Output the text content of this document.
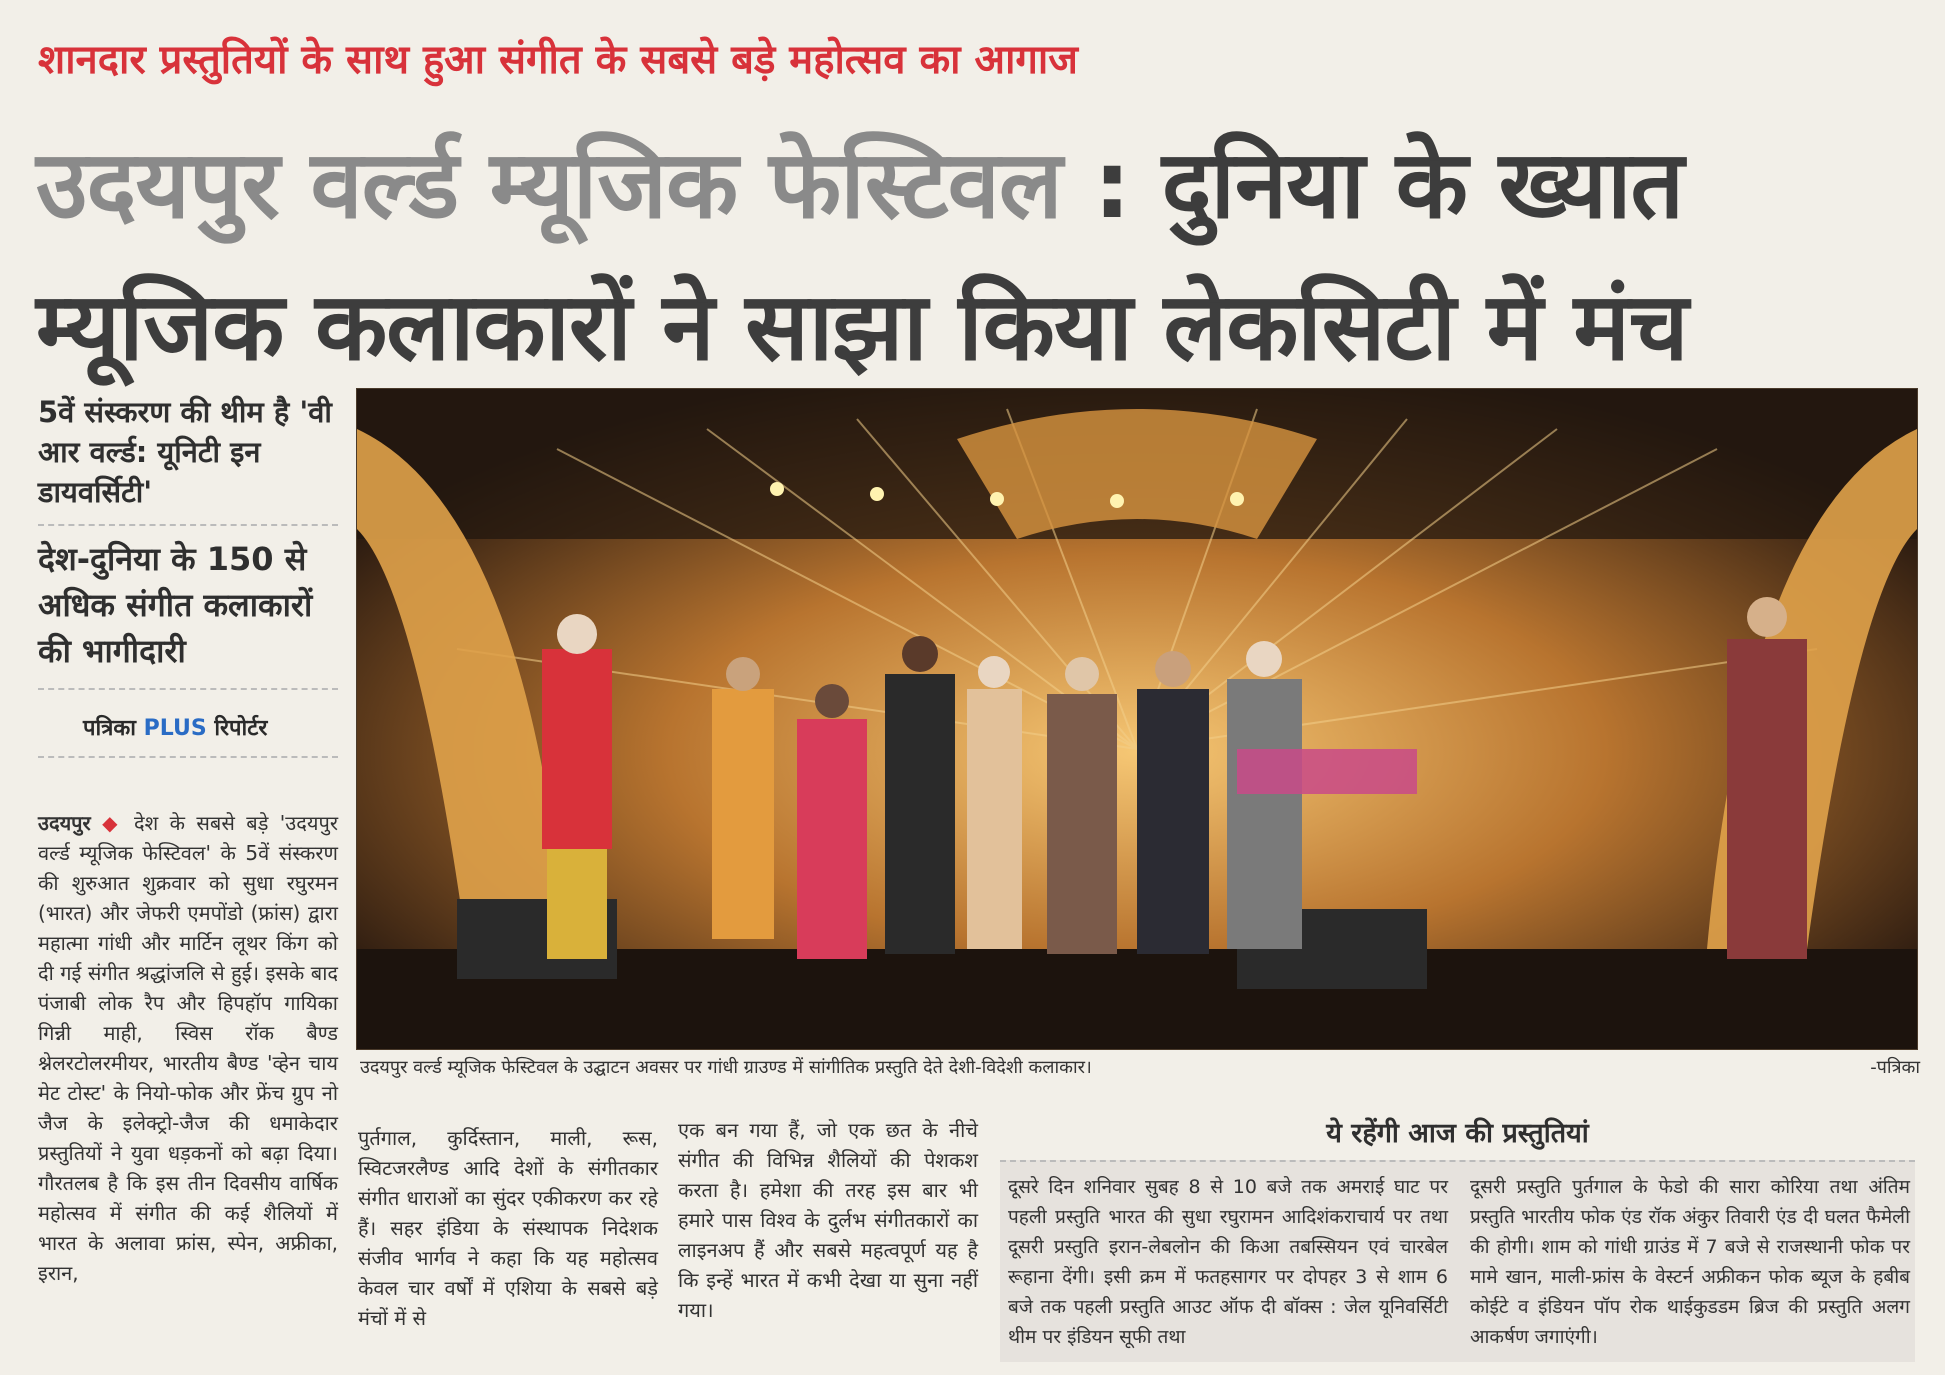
शानदार प्रस्तुतियों के साथ हुआ संगीत के सबसे बड़े महोत्सव का आगाज
उदयपुर वर्ल्ड म्यूजिक फेस्टिवल : दुनिया के ख्यात
म्यूजिक कलाकारों ने साझा किया लेकसिटी में मंच
5वें संस्करण की थीम है 'वी आर वर्ल्ड: यूनिटी इन डायवर्सिटी'
देश-दुनिया के 150 से अधिक संगीत कलाकारों की भागीदारी
पत्रिका PLUS रिपोर्टर
उदयपुर ◆ देश के सबसे बड़े 'उदयपुर वर्ल्ड म्यूजिक फेस्टिवल' के 5वें संस्करण की शुरुआत शुक्रवार को सुधा रघुरमन (भारत) और जेफरी एमपोंडो (फ्रांस) द्वारा महात्मा गांधी और मार्टिन लूथर किंग को दी गई संगीत श्रद्धांजलि से हुई। इसके बाद पंजाबी लोक रैप और हिपहॉप गायिका गिन्नी माही, स्विस रॉक बैण्ड श्नेलरटोलरमीयर, भारतीय बैण्ड 'व्हेन चाय मेट टोस्ट' के नियो-फोक और फ्रेंच ग्रुप नो जैज के इलेक्ट्रो-जैज की धमाकेदार प्रस्तुतियों ने युवा धड़कनों को बढ़ा दिया। गौरतलब है कि इस तीन दिवसीय वार्षिक महोत्सव में संगीत की कई शैलियों में भारत के अलावा फ्रांस, स्पेन, अफ्रीका, इरान,
उदयपुर वर्ल्ड म्यूजिक फेस्टिवल के उद्घाटन अवसर पर गांधी ग्राउण्ड में सांगीतिक प्रस्तुति देते देशी-विदेशी कलाकार।	-पत्रिका
पुर्तगाल, कुर्दिस्तान, माली, रूस, स्विटजरलैण्ड आदि देशों के संगीतकार संगीत धाराओं का सुंदर एकीकरण कर रहे हैं। सहर इंडिया के संस्थापक निदेशक संजीव भार्गव ने कहा कि यह महोत्सव केवल चार वर्षों में एशिया के सबसे बड़े मंचों में से
एक बन गया हैं, जो एक छत के नीचे संगीत की विभिन्न शैलियों की पेशकश करता है। हमेशा की तरह इस बार भी हमारे पास विश्व के दुर्लभ संगीतकारों का लाइनअप हैं और सबसे महत्वपूर्ण यह है कि इन्हें भारत में कभी देखा या सुना नहीं गया।
ये रहेंगी आज की प्रस्तुतियां
दूसरे दिन शनिवार सुबह 8 से 10 बजे तक अमराई घाट पर पहली प्रस्तुति भारत की सुधा रघुरामन आदिशंकराचार्य पर तथा दूसरी प्रस्तुति इरान-लेबलोन की किआ तबस्सियन एवं चारबेल रूहाना देंगी। इसी क्रम में फतहसागर पर दोपहर 3 से शाम 6 बजे तक पहली प्रस्तुति आउट ऑफ दी बॉक्स : जेल यूनिवर्सिटी थीम पर इंडियन सूफी तथा
दूसरी प्रस्तुति पुर्तगाल के फेडो की सारा कोरिया तथा अंतिम प्रस्तुति भारतीय फोक एंड रॉक अंकुर तिवारी एंड दी घलत फैमेली की होगी। शाम को गांधी ग्राउंड में 7 बजे से राजस्थानी फोक पर मामे खान, माली-फ्रांस के वेस्टर्न अफ्रीकन फोक ब्यूज के हबीब कोईटे व इंडियन पॉप रोक थाईकुडडम ब्रिज की प्रस्तुति अलग आकर्षण जगाएंगी।
